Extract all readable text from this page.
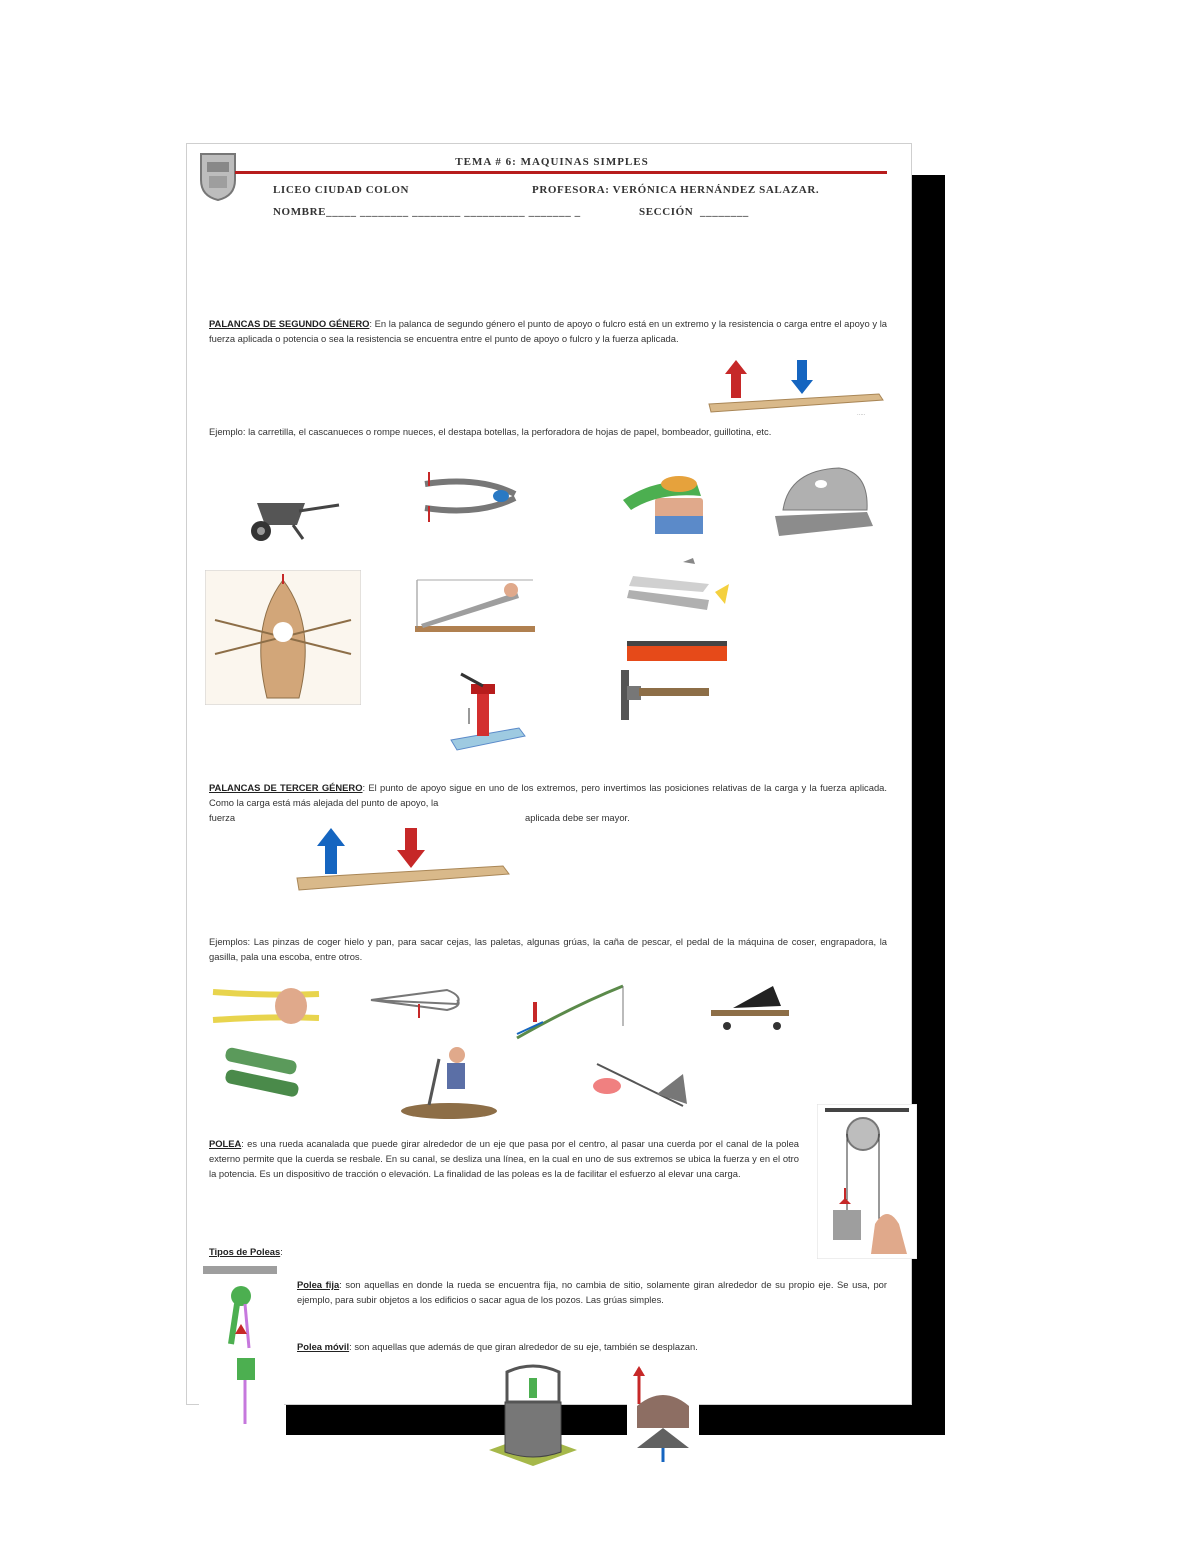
TEMA # 6: MAQUINAS SIMPLES
LICEO CIUDAD COLON	PROFESORA: VERÓNICA HERNÁNDEZ SALAZAR.
NOMBRE_____ ________ ________ __________ _______ _	SECCIÓN ________
PALANCAS DE SEGUNDO GÉNERO: En la palanca de segundo género el punto de apoyo o fulcro está en un extremo y la resistencia o carga entre el apoyo y la fuerza aplicada o potencia o sea la resistencia se encuentra entre el punto de apoyo o fulcro y la fuerza aplicada.
·····
Ejemplo: la carretilla, el cascanueces o rompe nueces, el destapa botellas, la perforadora de hojas de papel, bombeador, guillotina, etc.
PALANCAS DE TERCER GÉNERO: El punto de apoyo sigue en uno de los extremos, pero invertimos las posiciones relativas de la carga y la fuerza aplicada. Como la carga está más alejada del punto de apoyo, la
fuerza	aplicada debe ser mayor.
Ejemplos: Las pinzas de coger hielo y pan, para sacar cejas, las paletas, algunas grúas, la caña de pescar, el pedal de la máquina de coser, engrapadora, la gasilla, pala una escoba, entre otros.
POLEA: es una rueda acanalada que puede girar alrededor de un eje que pasa por el centro, al pasar una cuerda por el canal de la polea externo permite que la cuerda se resbale. En su canal, se desliza una línea, en la cual en uno de sus extremos se ubica la fuerza y en el otro la potencia. Es un dispositivo de tracción o elevación. La finalidad de las poleas es la de facilitar el esfuerzo al elevar una carga.
Tipos de Poleas:
Polea fija: son aquellas en donde la rueda se encuentra fija, no cambia de sitio, solamente giran alrededor de su propio eje. Se usa, por ejemplo, para subir objetos a los edificios o sacar agua de los pozos. Las grúas simples.
Polea móvil: son aquellas que además de que giran alrededor de su eje, también se desplazan.
